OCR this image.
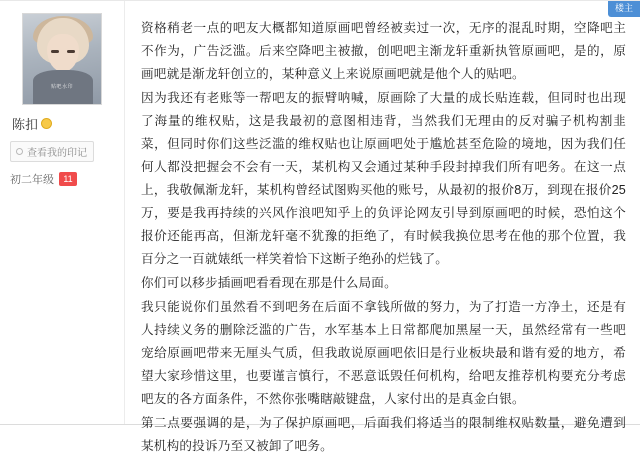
贴吧水印
陈扣
查看我的印记
初二年级	11
楼主

资格稍老一点的吧友大概都知道原画吧曾经被卖过一次，无序的混乱时期，空降吧主不作为，广告泛滥。后来空降吧主被撤，创吧吧主渐龙轩重新执管原画吧，是的，原画吧就是渐龙轩创立的，某种意义上来说原画吧就是他个人的贴吧。

因为我还有老账等一帮吧友的振臂呐喊，原画除了大量的成长贴连载，但同时也出现了海量的维权贴，这是我最初的意图相违背，当然我们无理由的反对骗子机构割韭菜，但同时你们这些泛滥的维权贴也让原画吧处于尴尬甚至危险的境地，因为我们任何人都没把握会不会有一天，某机构又会通过某种手段封掉我们所有吧务。在这一点上，我敬佩渐龙轩，某机构曾经试图购买他的账号，从最初的报价8万，到现在报价25万，要是我再持续的兴风作浪吧知乎上的负评论网友引导到原画吧的时候，恐怕这个报价还能再高，但渐龙轩毫不犹豫的拒绝了，有时候我换位思考在他的那个位置，我百分之一百就婊纸一样笑着恰下这断子绝孙的烂钱了。

你们可以移步插画吧看看现在那是什么局面。

我只能说你们虽然看不到吧务在后面不拿钱所做的努力，为了打造一方净土，还是有人持续义务的删除泛滥的广告，水军基本上日常都爬加黑屋一天，虽然经常有一些吧宠给原画吧带来无厘头气质，但我敢说原画吧依旧是行业板块最和谐有爱的地方，希望大家珍惜这里，也要谨言慎行，不恶意诋毁任何机构，给吧友推荐机构要充分考虑吧友的各方面条件，不然你张嘴瞎敲键盘，人家付出的是真金白银。

第二点要强调的是，为了保护原画吧，后面我们将适当的限制维权贴数量，避免遭到某机构的投诉乃至又被卸了吧务。
